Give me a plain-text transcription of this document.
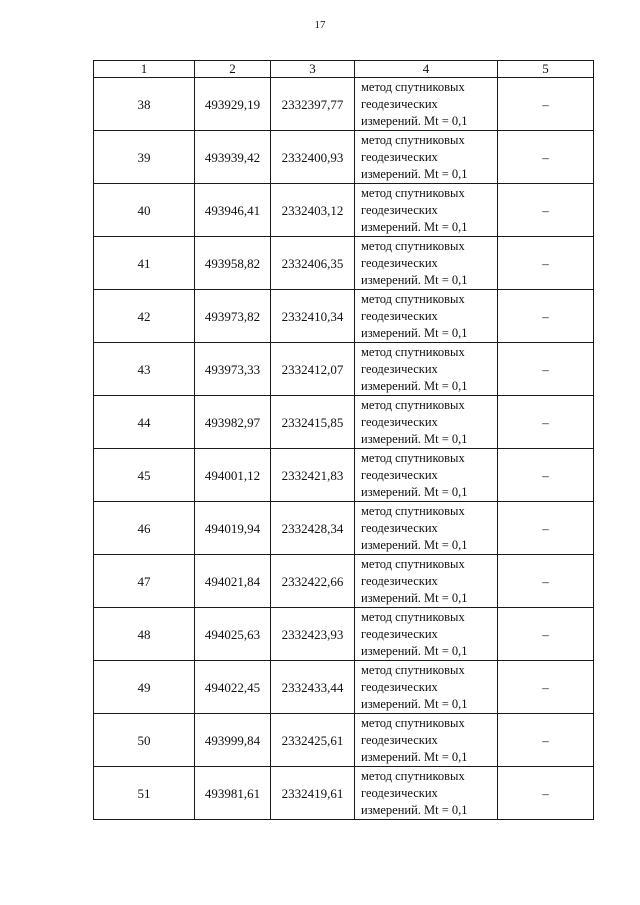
17
1	2	3	4	5
38	493929,19	2332397,77	метод спутниковых
геодезических
измерений. Mt = 0,1	–
39	493939,42	2332400,93	метод спутниковых
геодезических
измерений. Mt = 0,1	–
40	493946,41	2332403,12	метод спутниковых
геодезических
измерений. Mt = 0,1	–
41	493958,82	2332406,35	метод спутниковых
геодезических
измерений. Mt = 0,1	–
42	493973,82	2332410,34	метод спутниковых
геодезических
измерений. Mt = 0,1	–
43	493973,33	2332412,07	метод спутниковых
геодезических
измерений. Mt = 0,1	–
44	493982,97	2332415,85	метод спутниковых
геодезических
измерений. Mt = 0,1	–
45	494001,12	2332421,83	метод спутниковых
геодезических
измерений. Mt = 0,1	–
46	494019,94	2332428,34	метод спутниковых
геодезических
измерений. Mt = 0,1	–
47	494021,84	2332422,66	метод спутниковых
геодезических
измерений. Mt = 0,1	–
48	494025,63	2332423,93	метод спутниковых
геодезических
измерений. Mt = 0,1	–
49	494022,45	2332433,44	метод спутниковых
геодезических
измерений. Mt = 0,1	–
50	493999,84	2332425,61	метод спутниковых
геодезических
измерений. Mt = 0,1	–
51	493981,61	2332419,61	метод спутниковых
геодезических
измерений. Mt = 0,1	–
